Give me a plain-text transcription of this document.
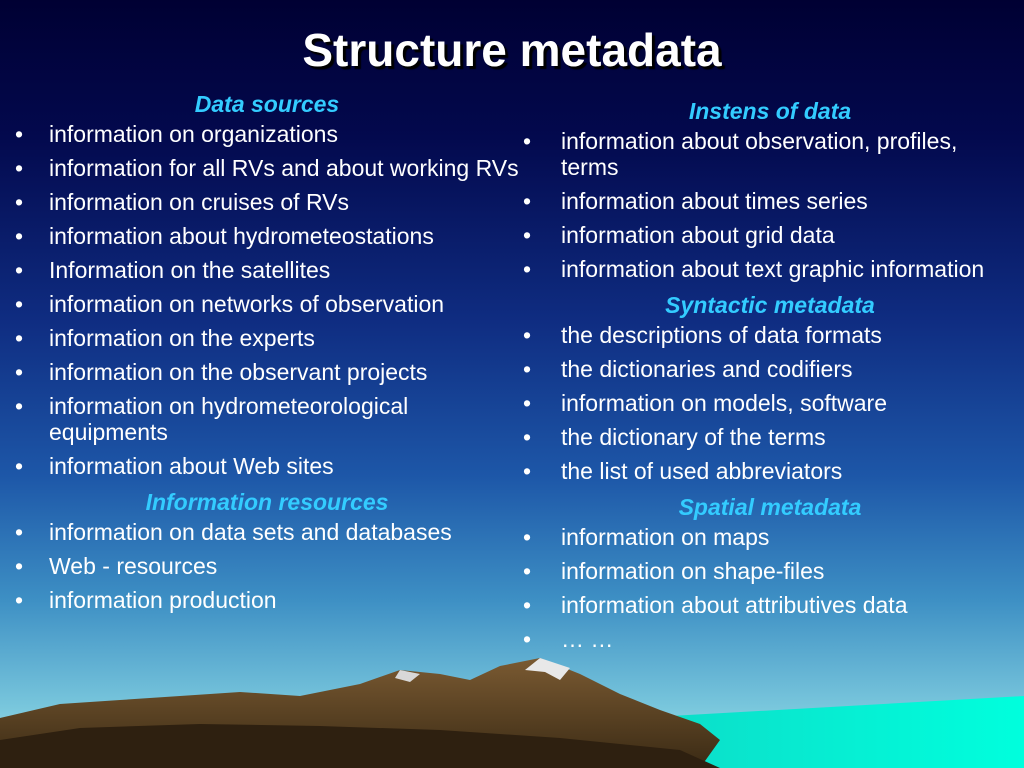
Structure metadata
Data sources
• information on organizations
• information for all RVs and about working RVs
• information on cruises of RVs
• information about hydrometeostations
• Information on the satellites
• information on networks of observation
• information on the experts
• information on the observant projects
• information on hydrometeorological equipments
• information about Web sites
Information resources
• information on data sets and databases
• Web - resources
• information production
Instens of data
• information about observation, profiles, terms
• information about times series
• information about grid data
• information about text graphic information
Syntactic metadata
• the descriptions of data formats
• the dictionaries and codifiers
• information on models, software
• the dictionary of the terms
• the list of used abbreviators
Spatial metadata
• information on maps
• information on shape-files
• information about attributives data
• … …
